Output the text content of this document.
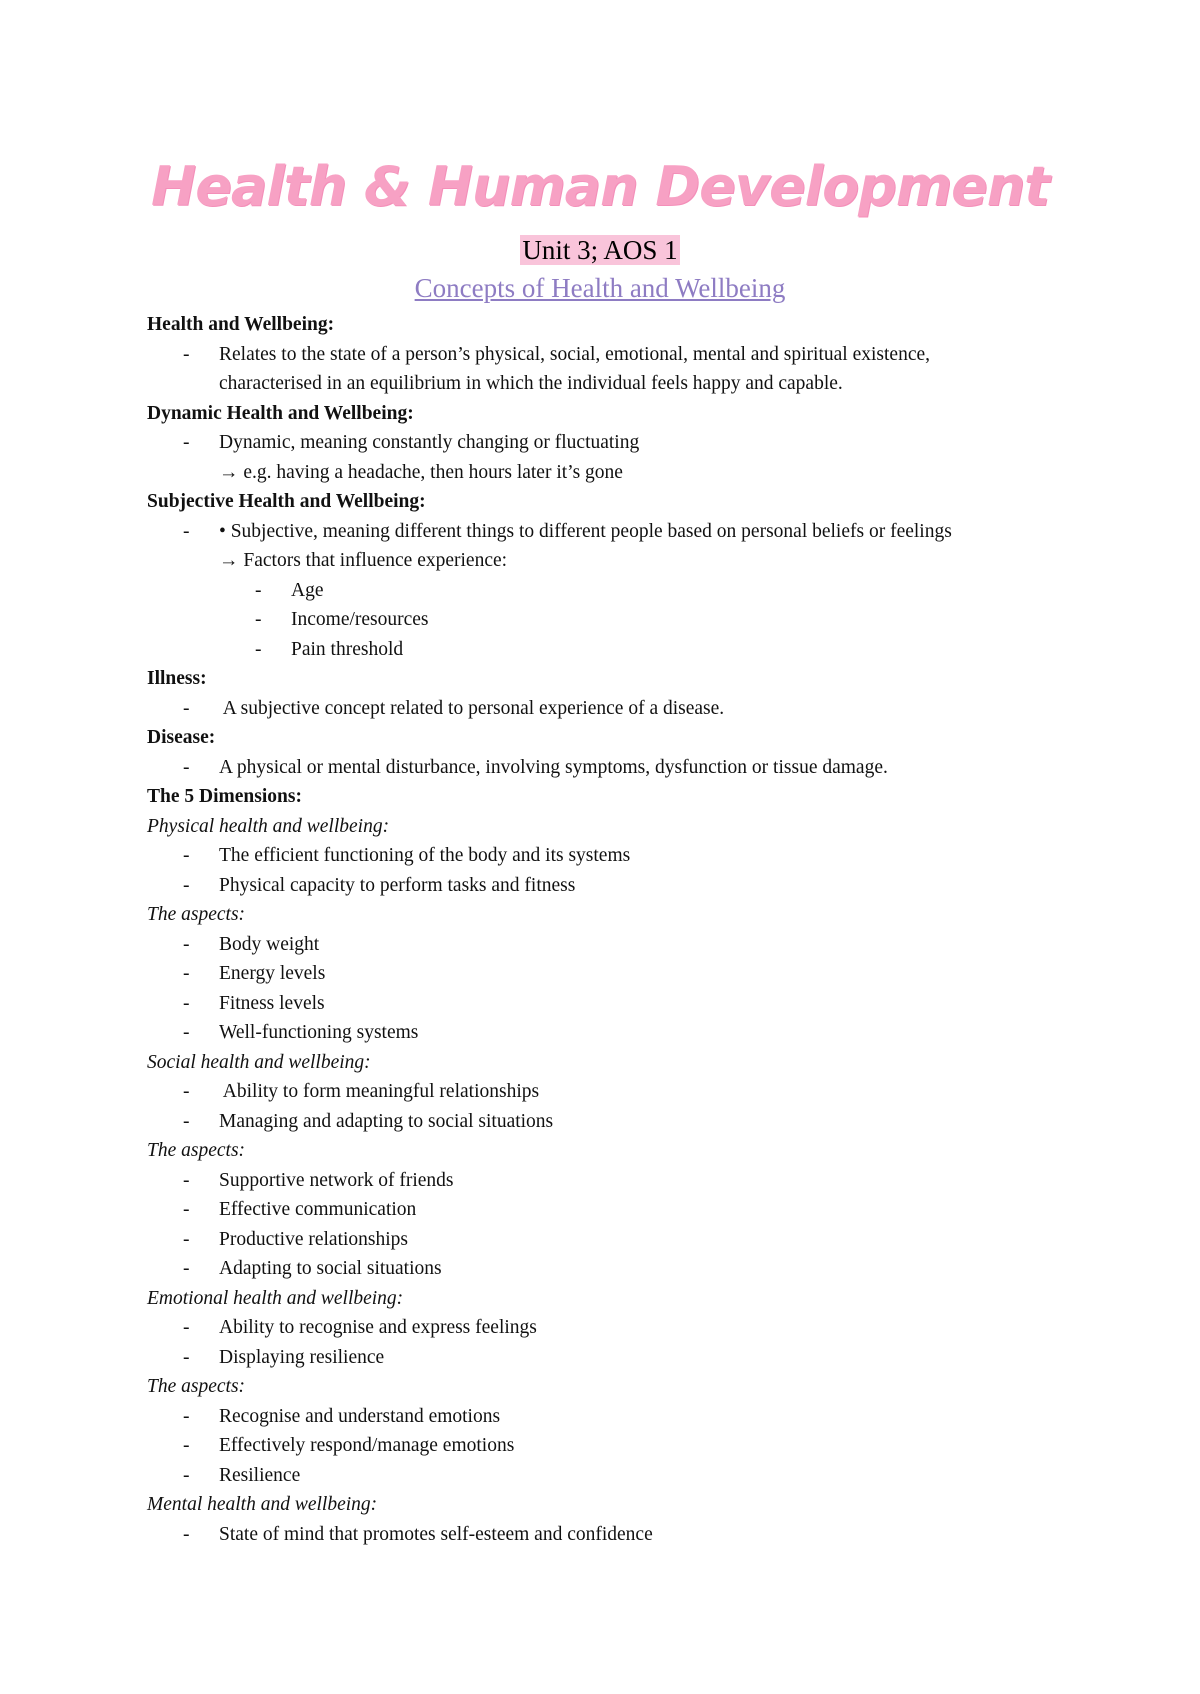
Health & Human Development
Unit 3; AOS 1
Concepts of Health and Wellbeing
Health and Wellbeing:
- Relates to the state of a person’s physical, social, emotional, mental and spiritual existence,
characterised in an equilibrium in which the individual feels happy and capable.
Dynamic Health and Wellbeing:
- Dynamic, meaning constantly changing or fluctuating
→ e.g. having a headache, then hours later it’s gone
Subjective Health and Wellbeing:
- • Subjective, meaning different things to different people based on personal beliefs or feelings
→ Factors that influence experience:
- Age
- Income/resources
- Pain threshold
Illness:
- A subjective concept related to personal experience of a disease.
Disease:
- A physical or mental disturbance, involving symptoms, dysfunction or tissue damage.
The 5 Dimensions:
Physical health and wellbeing:
- The efficient functioning of the body and its systems
- Physical capacity to perform tasks and fitness
The aspects:
- Body weight
- Energy levels
- Fitness levels
- Well-functioning systems
Social health and wellbeing:
- Ability to form meaningful relationships
- Managing and adapting to social situations
The aspects:
- Supportive network of friends
- Effective communication
- Productive relationships
- Adapting to social situations
Emotional health and wellbeing:
- Ability to recognise and express feelings
- Displaying resilience
The aspects:
- Recognise and understand emotions
- Effectively respond/manage emotions
- Resilience
Mental health and wellbeing:
- State of mind that promotes self-esteem and confidence
